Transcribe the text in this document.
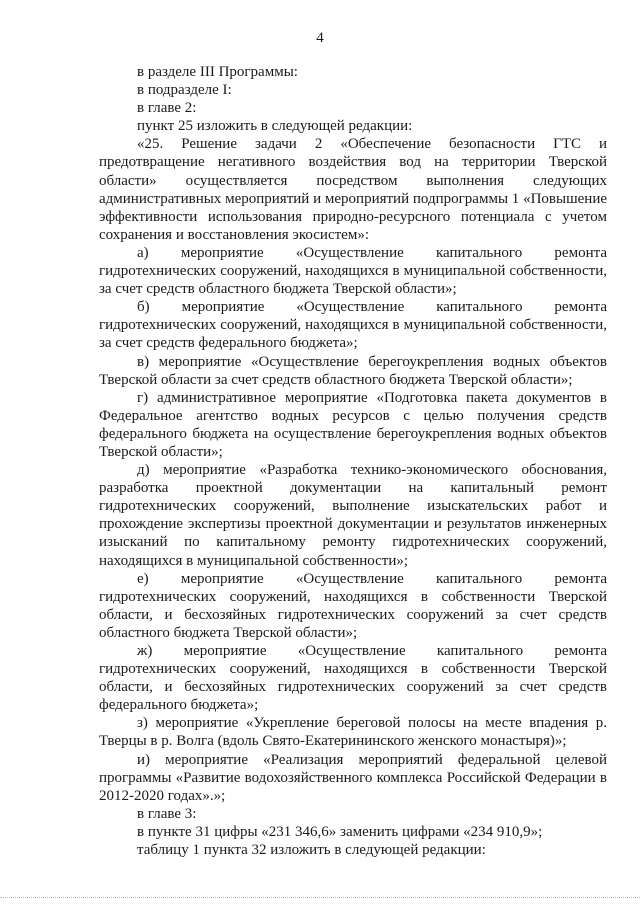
4

в разделе III Программы:

в подразделе I:

в главе 2:

пункт 25 изложить в следующей редакции:

«25. Решение задачи 2 «Обеспечение безопасности ГТС и предотвращение негативного воздействия вод на территории Тверской области» осуществляется посредством выполнения следующих административных мероприятий и мероприятий подпрограммы 1 «Повышение эффективности использования природно-ресурсного потенциала с учетом сохранения и восстановления экосистем»:

а) мероприятие «Осуществление капитального ремонта гидротехнических сооружений, находящихся в муниципальной собственности, за счет средств областного бюджета Тверской области»;

б) мероприятие «Осуществление капитального ремонта гидротехнических сооружений, находящихся в муниципальной собственности, за счет средств федерального бюджета»;

в) мероприятие «Осуществление берегоукрепления водных объектов Тверской области за счет средств областного бюджета Тверской области»;

г) административное мероприятие «Подготовка пакета документов в Федеральное агентство водных ресурсов с целью получения средств федерального бюджета на осуществление берегоукрепления водных объектов Тверской области»;

д) мероприятие «Разработка технико-экономического обоснования, разработка проектной документации на капитальный ремонт гидротехнических сооружений, выполнение изыскательских работ и прохождение экспертизы проектной документации и результатов инженерных изысканий по капитальному ремонту гидротехнических сооружений, находящихся в муниципальной собственности»;

е) мероприятие «Осуществление капитального ремонта гидротехнических сооружений, находящихся в собственности Тверской области, и бесхозяйных гидротехнических сооружений за счет средств областного бюджета Тверской области»;

ж) мероприятие «Осуществление капитального ремонта гидротехнических сооружений, находящихся в собственности Тверской области, и бесхозяйных гидротехнических сооружений за счет средств федерального бюджета»;

з) мероприятие «Укрепление береговой полосы на месте впадения р. Тверцы в р. Волга (вдоль Свято-Екатерининского женского монастыря)»;

и) мероприятие «Реализация мероприятий федеральной целевой программы «Развитие водохозяйственного комплекса Российской Федерации в 2012-2020 годах».»;

в главе 3:

в пункте 31 цифры «231 346,6» заменить цифрами «234 910,9»;

таблицу 1 пункта 32 изложить в следующей редакции:
